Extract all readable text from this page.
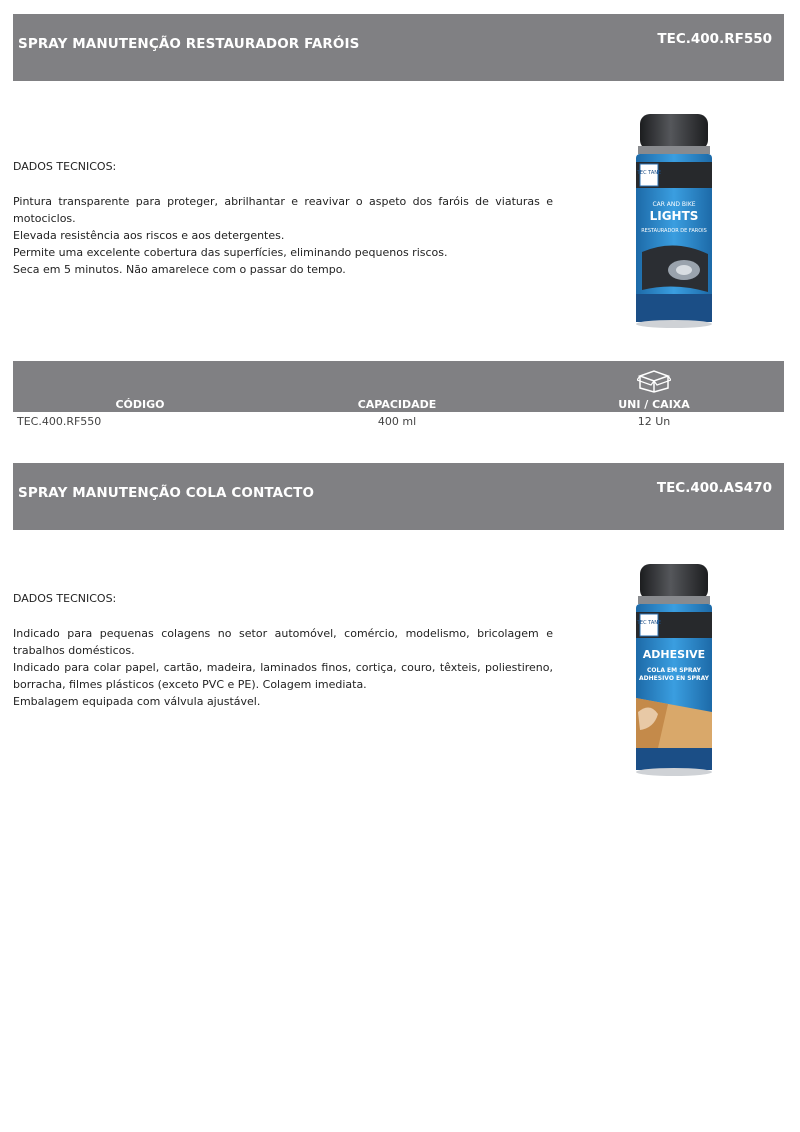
SPRAY MANUTENÇÃO RESTAURADOR FARÓIS	TEC.400.RF550

DADOS TECNICOS:

Pintura transparente para proteger, abrilhantar e reavivar o aspeto dos faróis de viaturas e motociclos.

Elevada resistência aos riscos e aos detergentes.

Permite uma excelente cobertura das superfícies, eliminando pequenos riscos.

Seca em 5 minutos. Não amarelece com o passar do tempo.

TEC TANE
CAR AND BIKE
LIGHTS
RESTAURADOR DE FAROIS
CÓDIGO	CAPACIDADE	UNI / CAIXA
TEC.400.RF550	400 ml	12 Un
SPRAY MANUTENÇÃO COLA CONTACTO	TEC.400.AS470

DADOS TECNICOS:

Indicado para pequenas colagens no setor automóvel, comércio, modelismo, bricolagem e trabalhos domésticos.

Indicado para colar papel, cartão, madeira, laminados finos, cortiça, couro, têxteis, poliestireno, borracha, filmes plásticos (exceto PVC e PE). Colagem imediata.

Embalagem equipada com válvula ajustável.

TEC TANE
ADHESIVE
COLA EM SPRAY
ADHESIVO EN SPRAY
